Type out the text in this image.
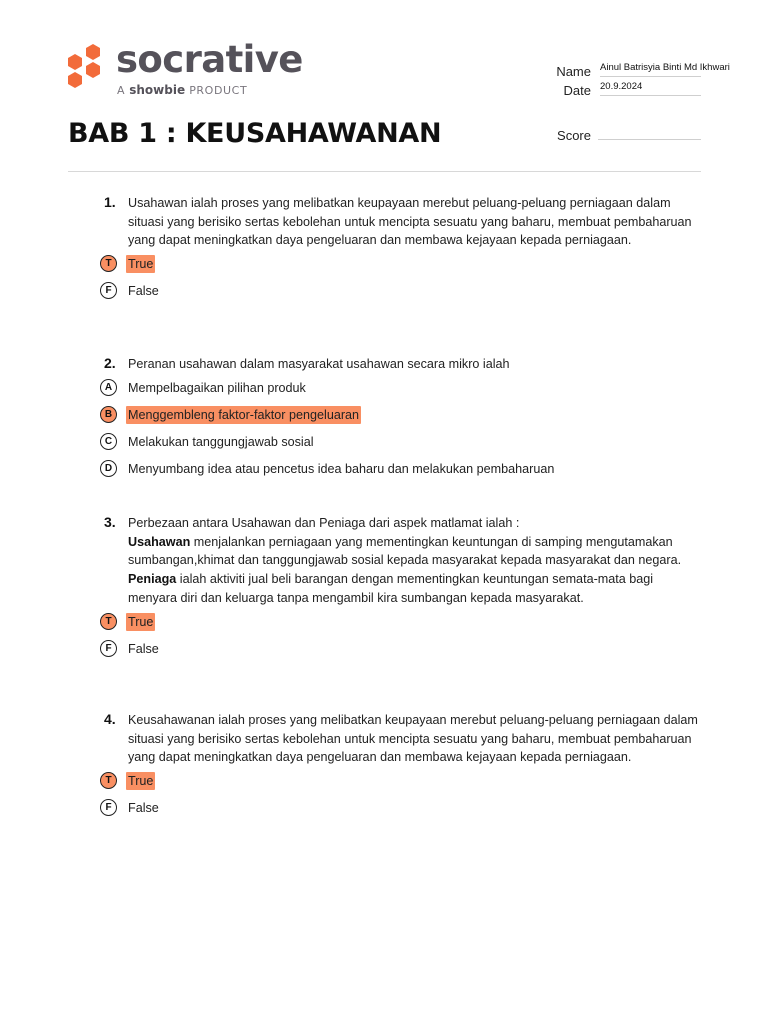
socrative
A showbie PRODUCT
Name Ainul Batrisyia Binti Md Ikhwari
Date 20.9.2024
Score
BAB 1 : KEUSAHAWANAN
1. Usahawan ialah proses yang melibatkan keupayaan merebut peluang-peluang perniagaan dalam situasi yang berisiko sertas kebolehan untuk mencipta sesuatu yang baharu, membuat pembaharuan yang dapat meningkatkan daya pengeluaran dan membawa kejayaan kepada perniagaan.
T	True
F	False
2. Peranan usahawan dalam masyarakat usahawan secara mikro ialah
A	Mempelbagaikan pilihan produk
B	Menggembleng faktor-faktor pengeluaran
C	Melakukan tanggungjawab sosial
D	Menyumbang idea atau pencetus idea baharu dan melakukan pembaharuan
3. Perbezaan antara Usahawan dan Peniaga dari aspek matlamat ialah :
Usahawan menjalankan perniagaan yang mementingkan keuntungan di samping mengutamakan sumbangan,khimat dan tanggungjawab sosial kepada masyarakat kepada masyarakat dan negara.
Peniaga ialah aktiviti jual beli barangan dengan mementingkan keuntungan semata-mata bagi menyara diri dan keluarga tanpa mengambil kira sumbangan kepada masyarakat.
T	True
F	False
4. Keusahawanan ialah proses yang melibatkan keupayaan merebut peluang-peluang perniagaan dalam situasi yang berisiko sertas kebolehan untuk mencipta sesuatu yang baharu, membuat pembaharuan yang dapat meningkatkan daya pengeluaran dan membawa kejayaan kepada perniagaan.
T	True
F	False
